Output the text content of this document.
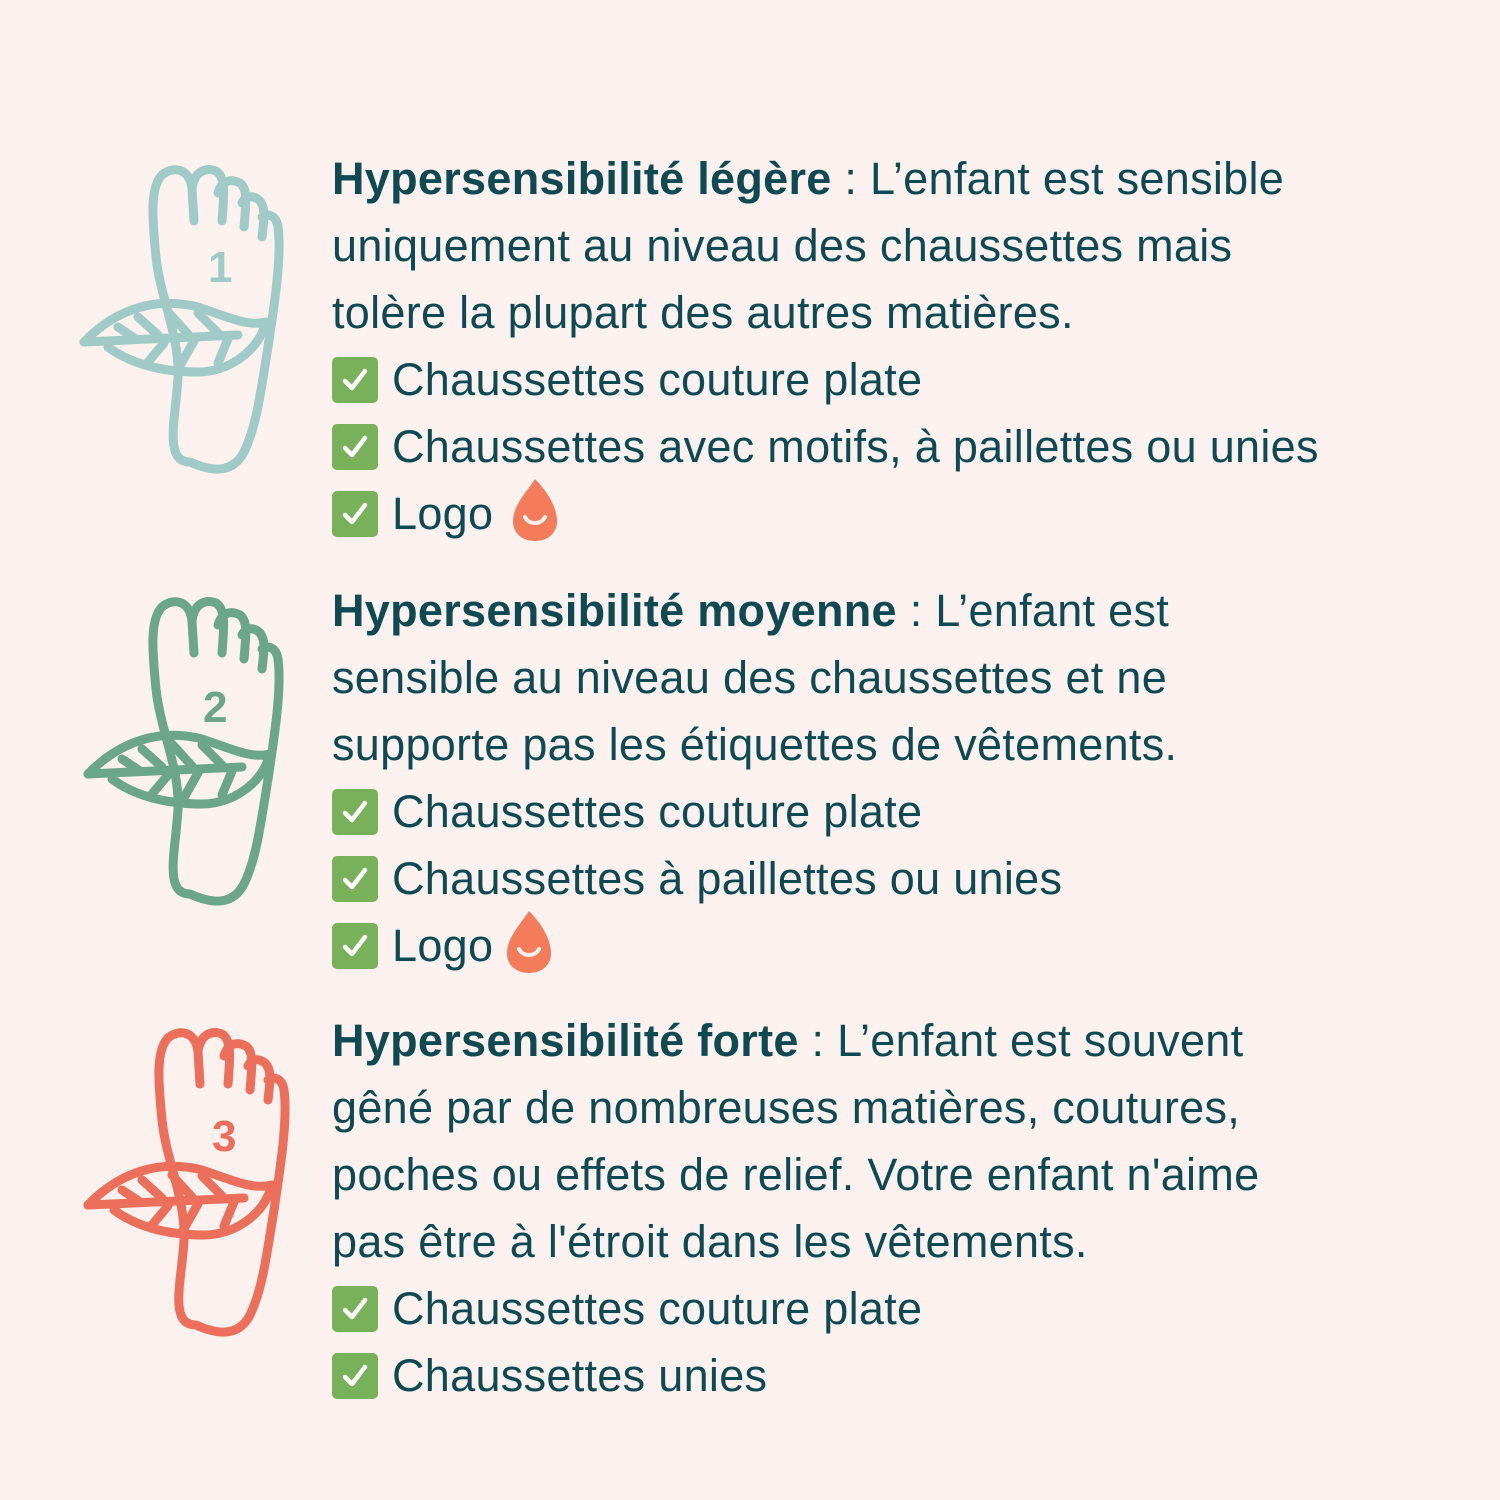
1
Hypersensibilité légère : L’enfant est sensible
uniquement au niveau des chaussettes mais
tolère la plupart des autres matières.
Chaussettes couture plate
Chaussettes avec motifs, à paillettes ou unies
Logo
2
Hypersensibilité moyenne : L’enfant est
sensible au niveau des chaussettes et ne
supporte pas les étiquettes de vêtements.
Chaussettes couture plate
Chaussettes à paillettes ou unies
Logo
3
Hypersensibilité forte : L’enfant est souvent
gêné par de nombreuses matières, coutures,
poches ou effets de relief. Votre enfant n'aime
pas être à l'étroit dans les vêtements.
Chaussettes couture plate
Chaussettes unies
